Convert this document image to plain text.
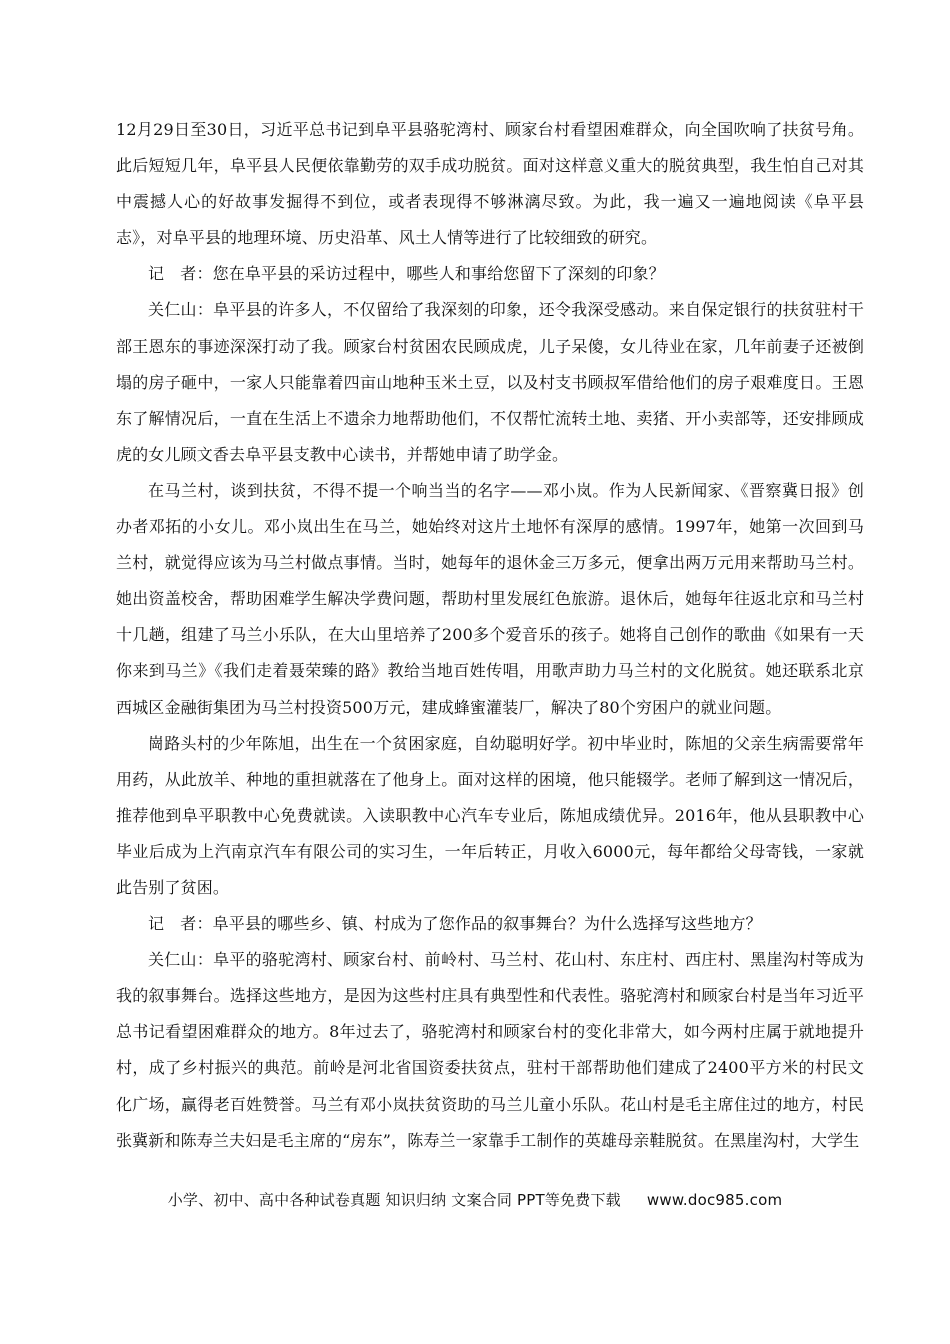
12月29日至30日，习近平总书记到阜平县骆驼湾村、顾家台村看望困难群众，向全国吹响了扶贫号角。此后短短几年，阜平县人民便依靠勤劳的双手成功脱贫。面对这样意义重大的脱贫典型，我生怕自己对其中震撼人心的好故事发掘得不到位，或者表现得不够淋漓尽致。为此，我一遍又一遍地阅读《阜平县志》，对阜平县的地理环境、历史沿革、风土人情等进行了比较细致的研究。

记　者：您在阜平县的采访过程中，哪些人和事给您留下了深刻的印象？

关仁山：阜平县的许多人，不仅留给了我深刻的印象，还令我深受感动。来自保定银行的扶贫驻村干部王恩东的事迹深深打动了我。顾家台村贫困农民顾成虎，儿子呆傻，女儿待业在家，几年前妻子还被倒塌的房子砸中，一家人只能靠着四亩山地种玉米土豆，以及村支书顾叔军借给他们的房子艰难度日。王恩东了解情况后，一直在生活上不遗余力地帮助他们，不仅帮忙流转土地、卖猪、开小卖部等，还安排顾成虎的女儿顾文香去阜平县支教中心读书，并帮她申请了助学金。

在马兰村，谈到扶贫，不得不提一个响当当的名字——邓小岚。作为人民新闻家、《晋察冀日报》创办者邓拓的小女儿。邓小岚出生在马兰，她始终对这片土地怀有深厚的感情。1997年，她第一次回到马兰村，就觉得应该为马兰村做点事情。当时，她每年的退休金三万多元，便拿出两万元用来帮助马兰村。她出资盖校舍，帮助困难学生解决学费问题，帮助村里发展红色旅游。退休后，她每年往返北京和马兰村十几趟，组建了马兰小乐队，在大山里培养了200多个爱音乐的孩子。她将自己创作的歌曲《如果有一天你来到马兰》《我们走着聂荣臻的路》教给当地百姓传唱，用歌声助力马兰村的文化脱贫。她还联系北京西城区金融街集团为马兰村投资500万元，建成蜂蜜灌装厂，解决了80个穷困户的就业问题。

崗路头村的少年陈旭，出生在一个贫困家庭，自幼聪明好学。初中毕业时，陈旭的父亲生病需要常年用药，从此放羊、种地的重担就落在了他身上。面对这样的困境，他只能辍学。老师了解到这一情况后，推荐他到阜平职教中心免费就读。入读职教中心汽车专业后，陈旭成绩优异。2016年，他从县职教中心毕业后成为上汽南京汽车有限公司的实习生，一年后转正，月收入6000元，每年都给父母寄钱，一家就此告别了贫困。

记　者：阜平县的哪些乡、镇、村成为了您作品的叙事舞台？为什么选择写这些地方？

关仁山：阜平的骆驼湾村、顾家台村、前岭村、马兰村、花山村、东庄村、西庄村、黑崖沟村等成为我的叙事舞台。选择这些地方，是因为这些村庄具有典型性和代表性。骆驼湾村和顾家台村是当年习近平总书记看望困难群众的地方。8年过去了，骆驼湾村和顾家台村的变化非常大，如今两村庄属于就地提升村，成了乡村振兴的典范。前岭是河北省国资委扶贫点，驻村干部帮助他们建成了2400平方米的村民文化广场，赢得老百姓赞誉。马兰有邓小岚扶贫资助的马兰儿童小乐队。花山村是毛主席住过的地方，村民张冀新和陈寿兰夫妇是毛主席的“房东”，陈寿兰一家靠手工制作的英雄母亲鞋脱贫。在黑崖沟村，大学生

小学、初中、高中各种试卷真题 知识归纳 文案合同 PPT等免费下载 www.doc985.com
